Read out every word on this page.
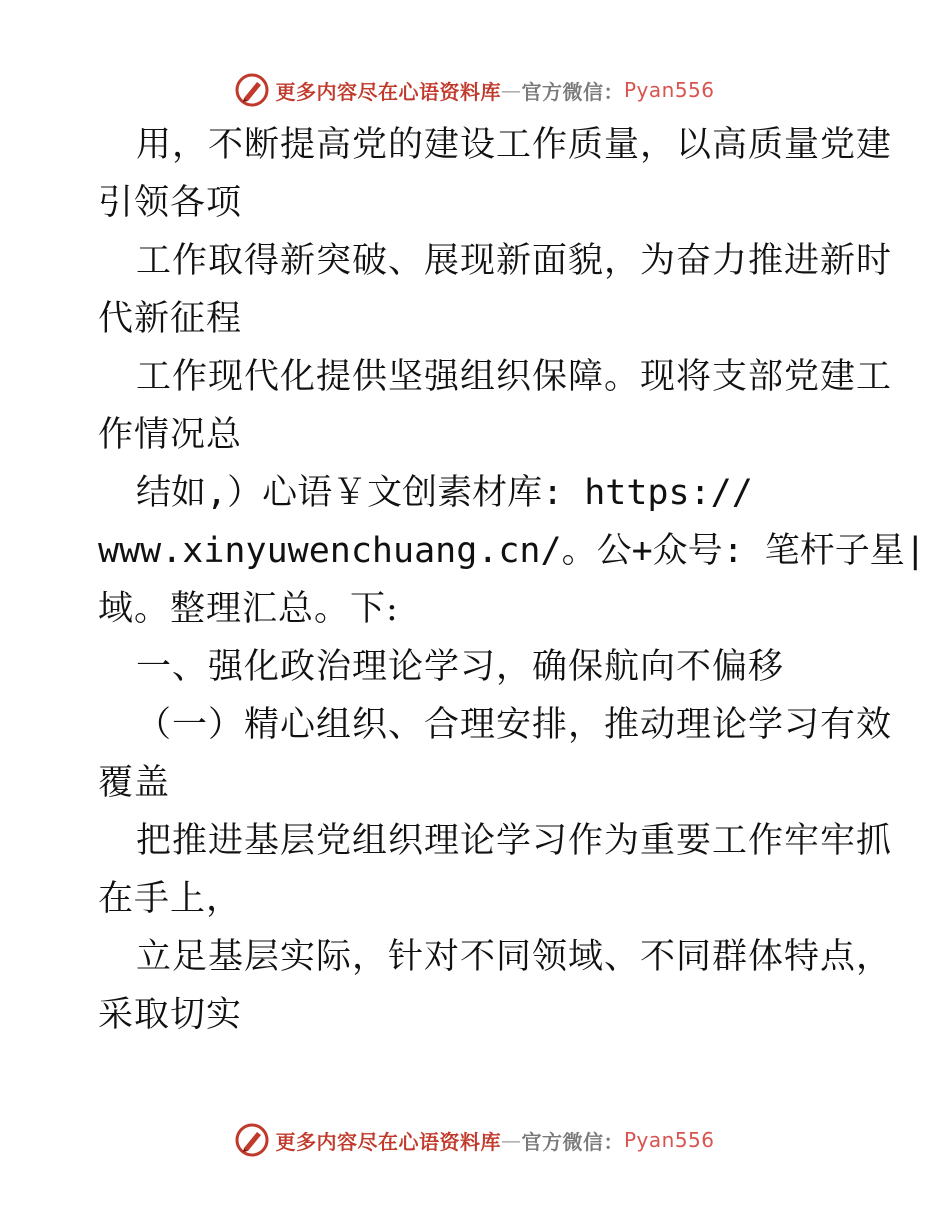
更多内容尽在心语资料库 — 官方微信： Pyan556

用，不断提高党的建设工作质量，以高质量党建

引领各项

工作取得新突破、展现新面貌，为奋力推进新时

代新征程

工作现代化提供坚强组织保障。现将支部党建工

作情况总

结如,）心语￥文创素材库: https://

www.xinyuwenchuang.cn/。公+众号: 笔杆子星|

域。整理汇总。下:

一、强化政治理论学习，确保航向不偏移

（一）精心组织、合理安排，推动理论学习有效

覆盖

把推进基层党组织理论学习作为重要工作牢牢抓

在手上，

立足基层实际，针对不同领域、不同群体特点，

采取切实

更多内容尽在心语资料库 — 官方微信： Pyan556
